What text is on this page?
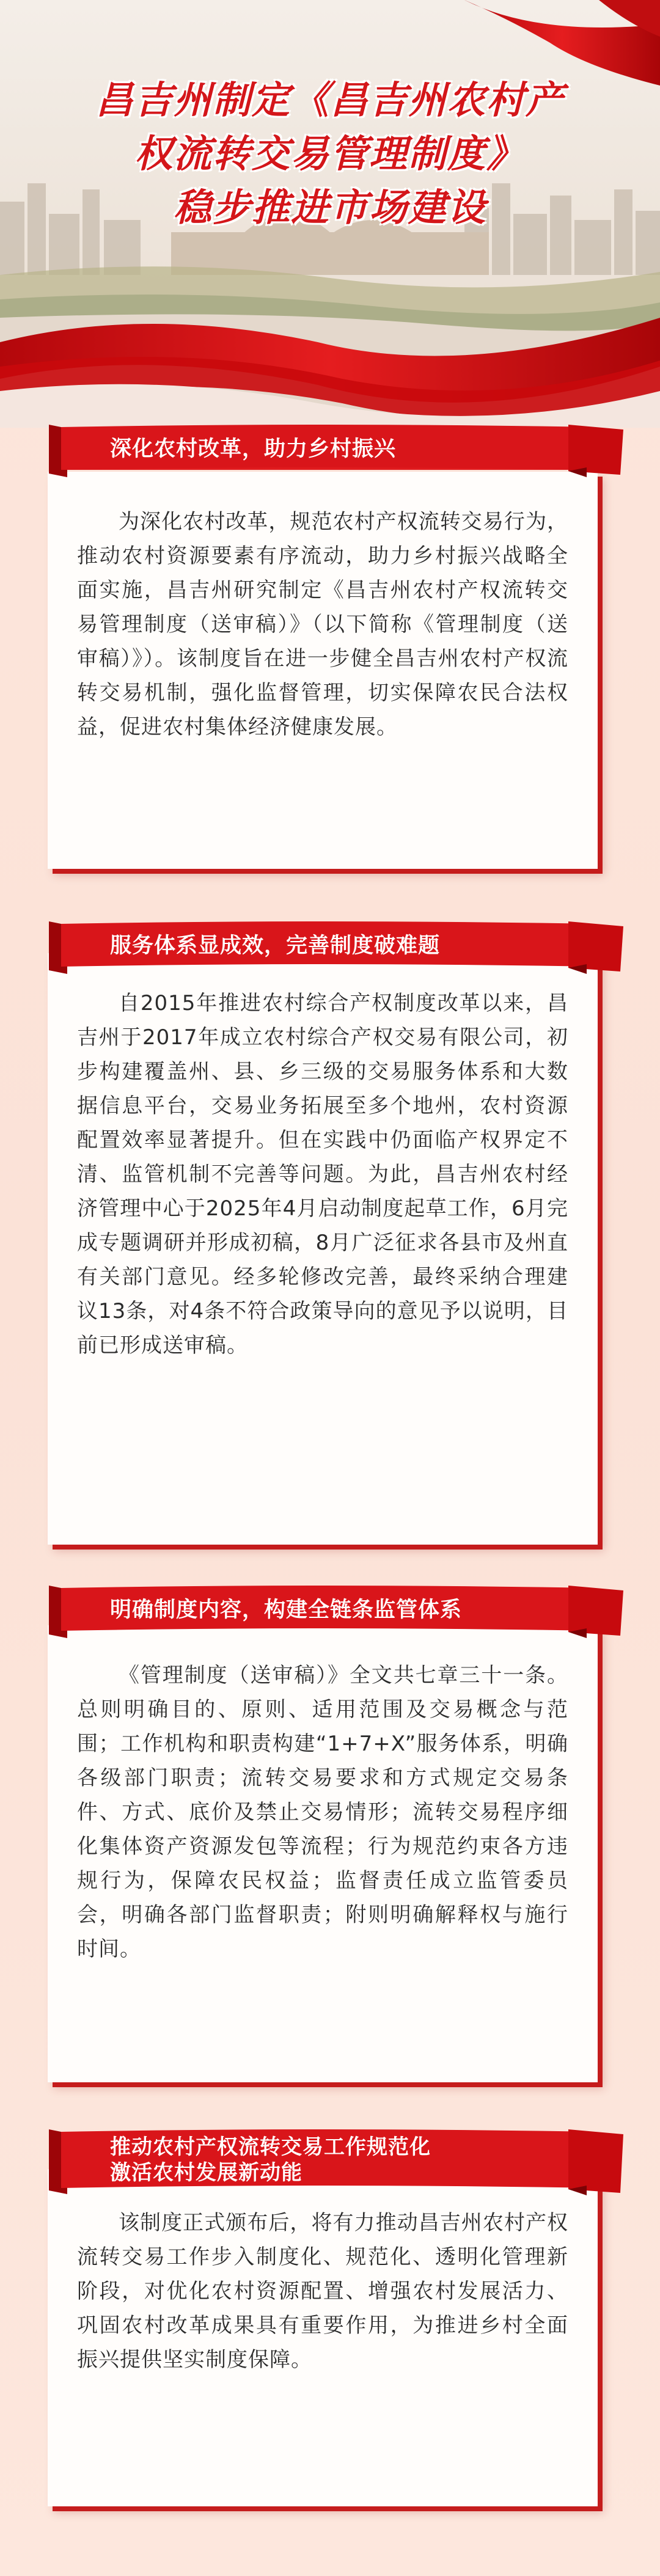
昌吉州制定《昌吉州农村产
权流转交易管理制度》
稳步推进市场建设

为深化农村改革，规范农村产权流转交易行为，推动农村资源要素有序流动，助力乡村振兴战略全面实施，昌吉州研究制定《昌吉州农村产权流转交易管理制度（送审稿）》（以下简称《管理制度（送审稿）》）。该制度旨在进一步健全昌吉州农村产权流转交易机制，强化监督管理，切实保障农民合法权益，促进农村集体经济健康发展。

深化农村改革，助力乡村振兴

自2015年推进农村综合产权制度改革以来，昌吉州于2017年成立农村综合产权交易有限公司，初步构建覆盖州、县、乡三级的交易服务体系和大数据信息平台，交易业务拓展至多个地州，农村资源配置效率显著提升。但在实践中仍面临产权界定不清、监管机制不完善等问题。为此，昌吉州农村经济管理中心于2025年4月启动制度起草工作，6月完成专题调研并形成初稿，8月广泛征求各县市及州直有关部门意见。经多轮修改完善，最终采纳合理建议13条，对4条不符合政策导向的意见予以说明，目前已形成送审稿。

服务体系显成效，完善制度破难题

《管理制度（送审稿）》全文共七章三十一条。总则明确目的、原则、适用范围及交易概念与范围；工作机构和职责构建“1+7+X”服务体系，明确各级部门职责；流转交易要求和方式规定交易条件、方式、底价及禁止交易情形；流转交易程序细化集体资产资源发包等流程；行为规范约束各方违规行为，保障农民权益；监督责任成立监管委员会，明确各部门监督职责；附则明确解释权与施行时间。

明确制度内容，构建全链条监管体系

该制度正式颁布后，将有力推动昌吉州农村产权流转交易工作步入制度化、规范化、透明化管理新阶段，对优化农村资源配置、增强农村发展活力、巩固农村改革成果具有重要作用，为推进乡村全面振兴提供坚实制度保障。

推动农村产权流转交易工作规范化
激活农村发展新动能
